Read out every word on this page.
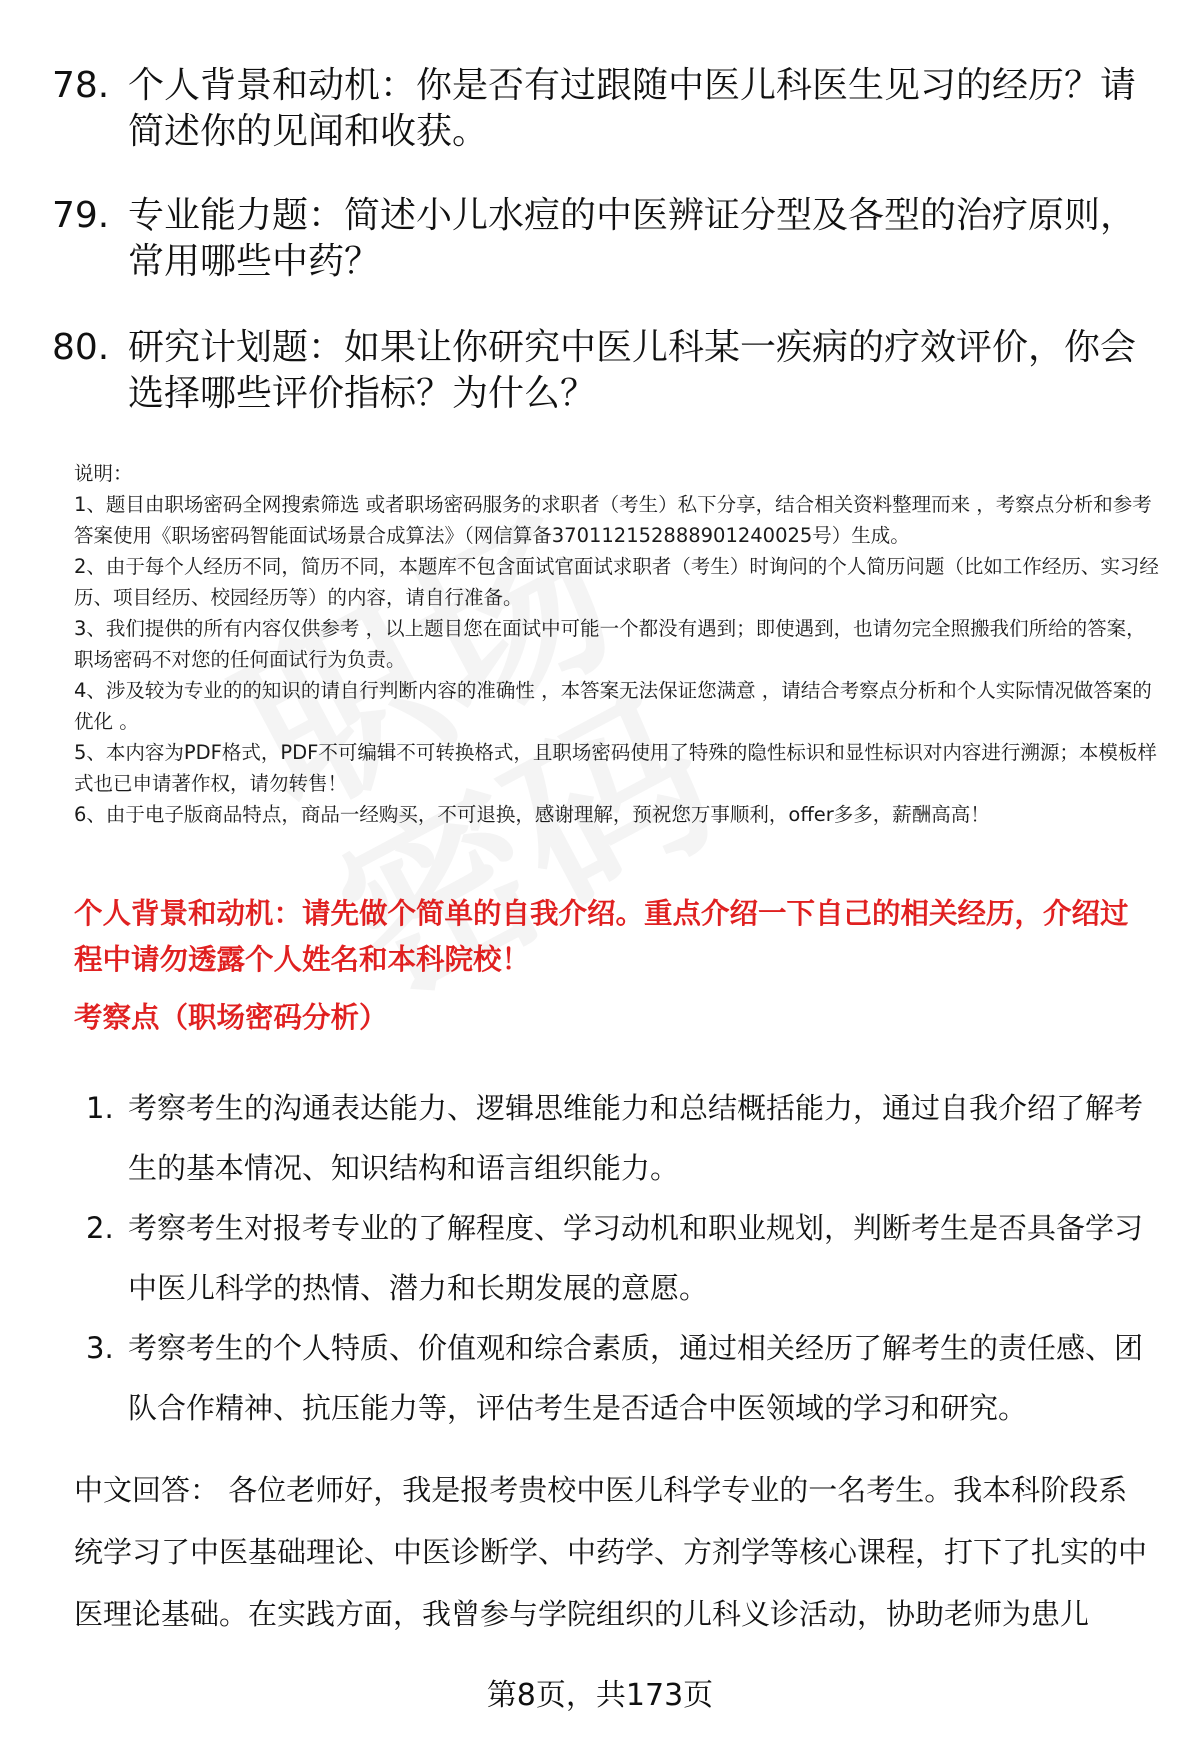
78. 个人背景和动机：你是否有过跟随中医儿科医生见习的经历？请简述你的见闻和收获。
79. 专业能力题：简述小儿水痘的中医辨证分型及各型的治疗原则，常用哪些中药？
80. 研究计划题：如果让你研究中医儿科某一疾病的疗效评价，你会选择哪些评价指标？为什么？

说明：

1、题目由职场密码全网搜索筛选 或者职场密码服务的求职者（考生）私下分享，结合相关资料整理而来 ，考察点分析和参考答案使用《职场密码智能面试场景合成算法》（网信算备370112152888901240025号）生成。

2、由于每个人经历不同，简历不同，本题库不包含面试官面试求职者（考生）时询问的个人简历问题（比如工作经历、实习经历、项目经历、校园经历等）的内容，请自行准备。

3、我们提供的所有内容仅供参考 ，以上题目您在面试中可能一个都没有遇到；即使遇到，也请勿完全照搬我们所给的答案，职场密码不对您的任何面试行为负责。

4、涉及较为专业的的知识的请自行判断内容的准确性 ，本答案无法保证您满意 ，请结合考察点分析和个人实际情况做答案的优化 。

5、本内容为PDF格式，PDF不可编辑不可转换格式，且职场密码使用了特殊的隐性标识和显性标识对内容进行溯源；本模板样式也已申请著作权，请勿转售！

6、由于电子版商品特点，商品一经购买，不可退换，感谢理解，预祝您万事顺利，offer多多，薪酬高高！

个人背景和动机：请先做个简单的自我介绍。重点介绍一下自己的相关经历，介绍过程中请勿透露个人姓名和本科院校！
考察点（职场密码分析）
1. 考察考生的沟通表达能力、逻辑思维能力和总结概括能力，通过自我介绍了解考生的基本情况、知识结构和语言组织能力。
2. 考察考生对报考专业的了解程度、学习动机和职业规划，判断考生是否具备学习中医儿科学的热情、潜力和长期发展的意愿。
3. 考察考生的个人特质、价值观和综合素质，通过相关经历了解考生的责任感、团队合作精神、抗压能力等，评估考生是否适合中医领域的学习和研究。
中文回答： 各位老师好，我是报考贵校中医儿科学专业的一名考生。我本科阶段系统学习了中医基础理论、中医诊断学、中药学、方剂学等核心课程，打下了扎实的中医理论基础。在实践方面，我曾参与学院组织的儿科义诊活动，协助老师为患儿
第8页，共173页
